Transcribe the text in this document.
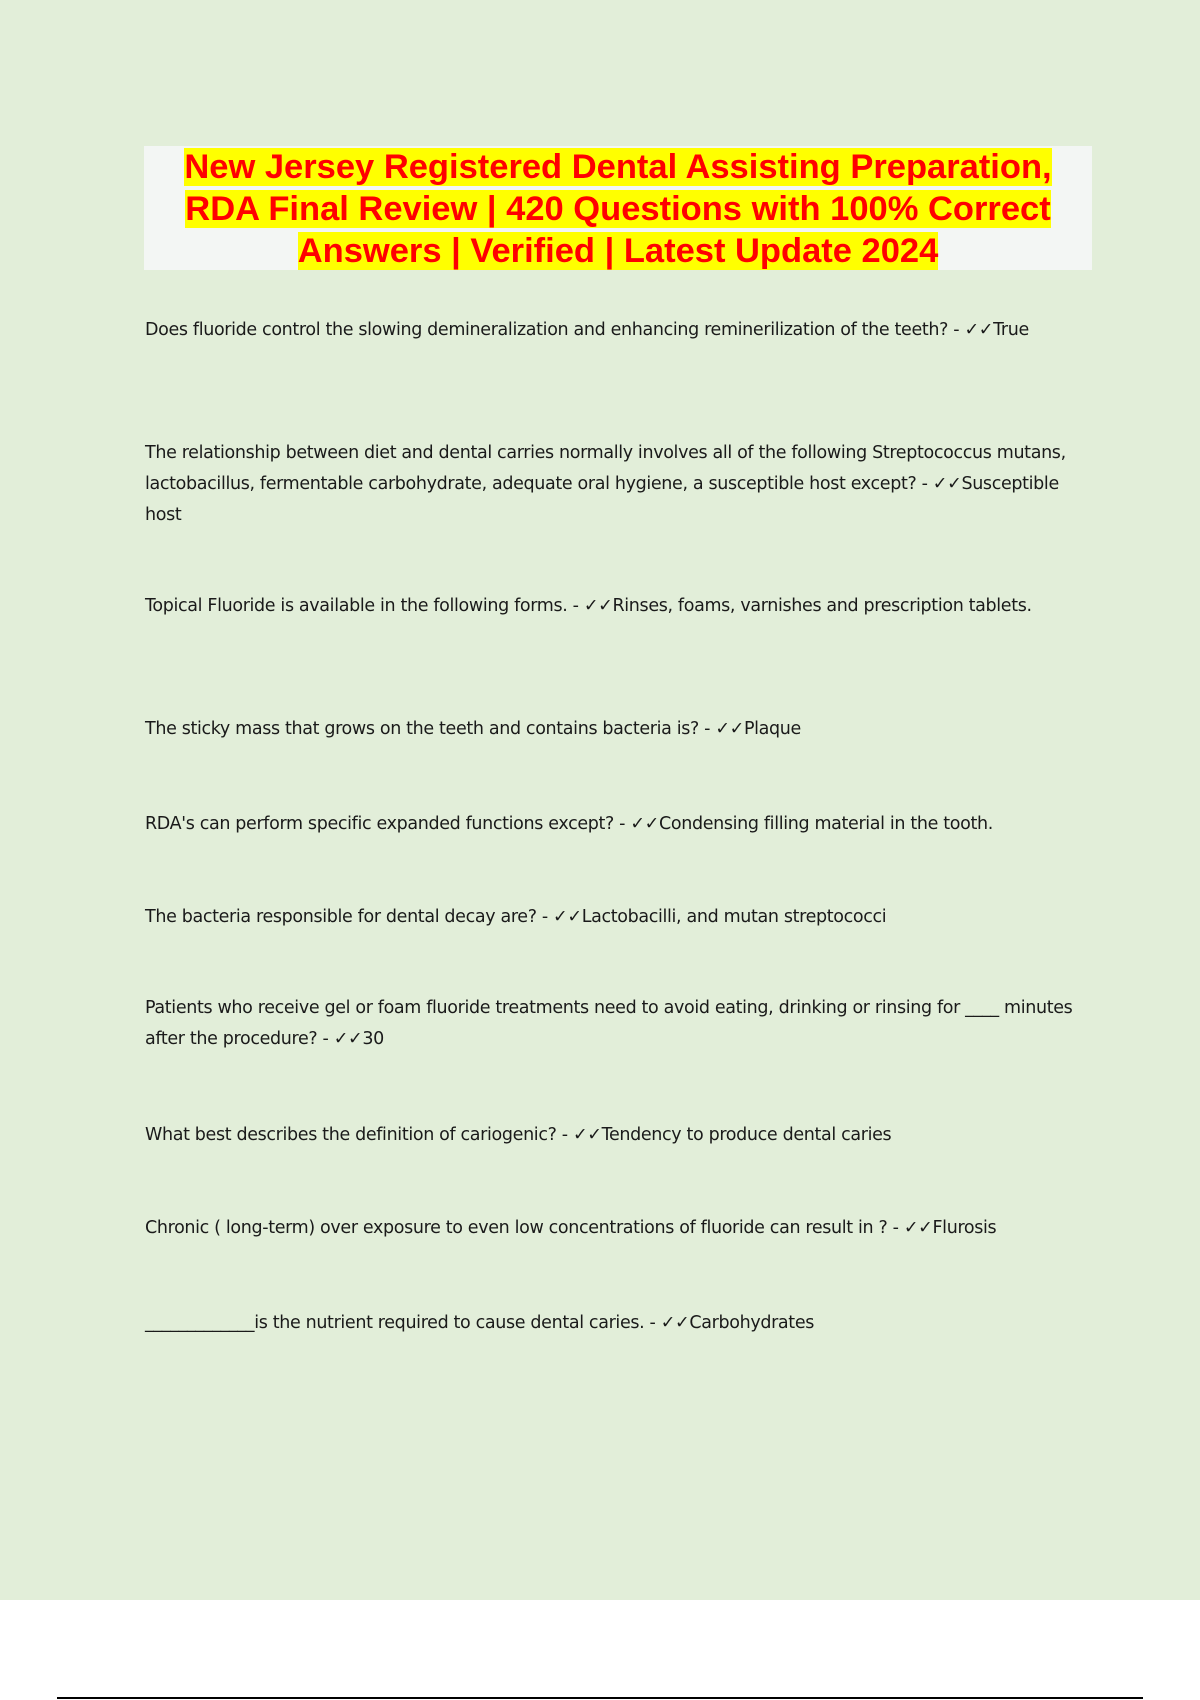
New Jersey Registered Dental Assisting Preparation,
RDA Final Review | 420 Questions with 100% Correct
Answers | Verified | Latest Update 2024

Does fluoride control the slowing demineralization and enhancing reminerilization of the teeth? - ✓✓True

The relationship between diet and dental carries normally involves all of the following Streptococcus mutans, lactobacillus, fermentable carbohydrate, adequate oral hygiene, a susceptible host except? - ✓✓Susceptible host

Topical Fluoride is available in the following forms. - ✓✓Rinses, foams, varnishes and prescription tablets.

The sticky mass that grows on the teeth and contains bacteria is? - ✓✓Plaque

RDA's can perform specific expanded functions except? - ✓✓Condensing filling material in the tooth.

The bacteria responsible for dental decay are? - ✓✓Lactobacilli, and mutan streptococci

Patients who receive gel or foam fluoride treatments need to avoid eating, drinking or rinsing for ____ minutes after the procedure? - ✓✓30

What best describes the definition of cariogenic? - ✓✓Tendency to produce dental caries

Chronic ( long-term) over exposure to even low concentrations of fluoride can result in ? - ✓✓Flurosis

_____________is the nutrient required to cause dental caries. - ✓✓Carbohydrates
